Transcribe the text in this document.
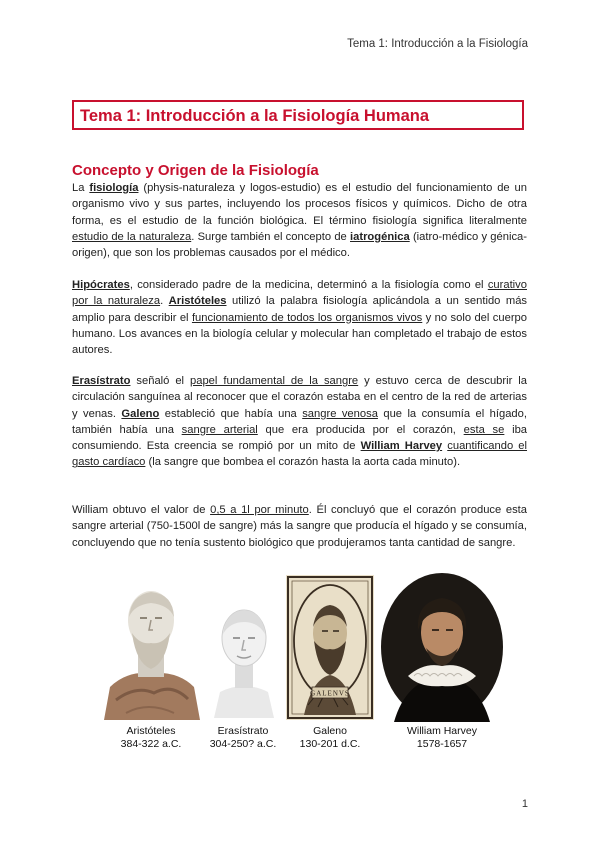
Tema 1: Introducción a la Fisiología
Tema 1: Introducción a la Fisiología Humana
Concepto y Origen de la Fisiología
La fisiología (physis-naturaleza y logos-estudio) es el estudio del funcionamiento de un organismo vivo y sus partes, incluyendo los procesos físicos y químicos. Dicho de otra forma, es el estudio de la función biológica. El término fisiología significa literalmente estudio de la naturaleza. Surge también el concepto de iatrogénica (iatro-médico y génica-origen), que son los problemas causados por el médico.
Hipócrates, considerado padre de la medicina, determinó a la fisiología como el curativo por la naturaleza. Aristóteles utilizó la palabra fisiología aplicándola a un sentido más amplio para describir el funcionamiento de todos los organismos vivos y no solo del cuerpo humano. Los avances en la biología celular y molecular han completado el trabajo de estos autores.
Erasístrato señaló el papel fundamental de la sangre y estuvo cerca de descubrir la circulación sanguínea al reconocer que el corazón estaba en el centro de la red de arterias y venas. Galeno estableció que había una sangre venosa que la consumía el hígado, también había una sangre arterial que era producida por el corazón, esta se iba consumiendo. Esta creencia se rompió por un mito de William Harvey cuantificando el gasto cardíaco (la sangre que bombea el corazón hasta la aorta cada minuto).
William obtuvo el valor de 0,5 a 1l por minuto. Él concluyó que el corazón produce esta sangre arterial (750-1500l de sangre) más la sangre que producía el hígado y se consumía, concluyendo que no tenía sustento biológico que produjeramos tanta cantidad de sangre.
GALENVS
Aristóteles
384-322 a.C.
Erasístrato
304-250? a.C.
Galeno
130-201 d.C.
William Harvey
1578-1657
1
